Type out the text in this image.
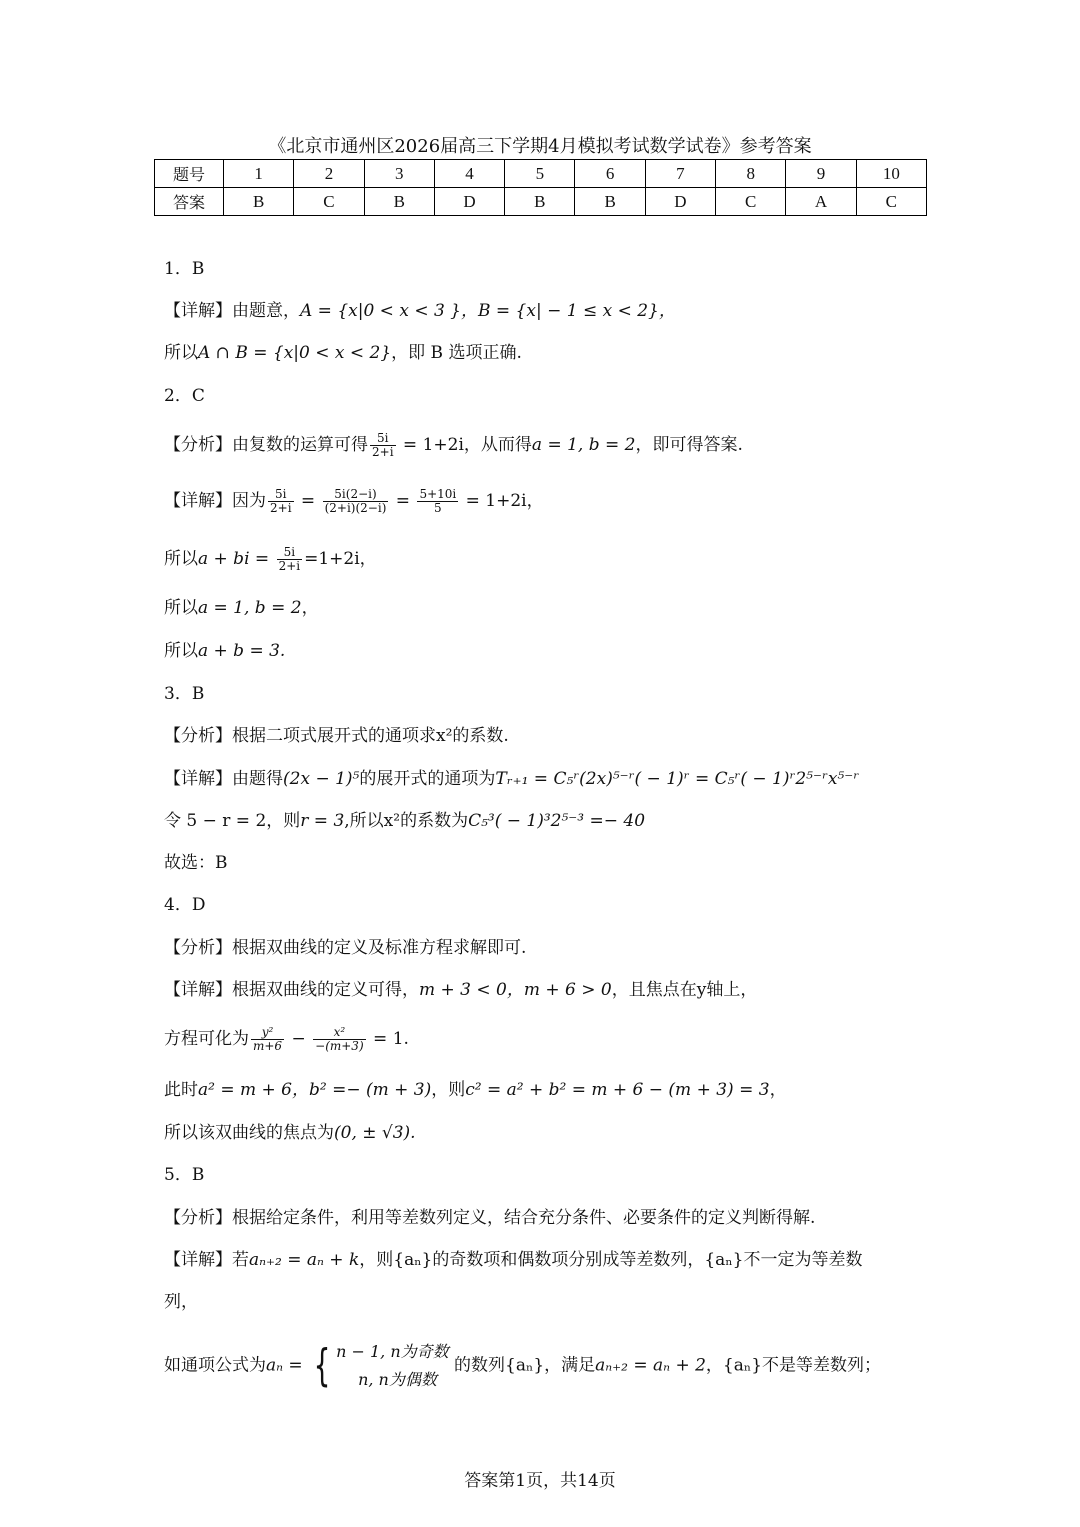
《北京市通州区2026届高三下学期4月模拟考试数学试卷》参考答案
题号	1	2	3	4	5	6	7	8	9	10
答案	B	C	B	D	B	B	D	C	A	C
1．B
【详解】由题意，A = {x|0 < x < 3 }，B = {x| − 1 ≤ x < 2}，
所以A ∩ B = {x|0 < x < 2}，即 B 选项正确.
2．C
【分析】由复数的运算可得 $\frac{5i}{2+i} = 1+2i$，从而得a = 1, b = 2，即可得答案.
【详解】因为 $\frac{5i}{2+i} = \frac{5i(2-i)}{(2+i)(2-i)} = \frac{5+10i}{5} = 1+2i$，
所以a + bi = $\frac{5i}{2+i} =1+2i$，
所以a = 1, b = 2，
所以a + b = 3.
3．B
【分析】根据二项式展开式的通项求x²的系数.
【详解】由题得(2x − 1)⁵的展开式的通项为Tᵣ₊₁ = C₅ʳ(2x)⁵⁻ʳ( − 1)ʳ = C₅ʳ( − 1)ʳ2⁵⁻ʳx⁵⁻ʳ
令 5 − r = 2，则r = 3,所以x²的系数为C₅³( − 1)³2⁵⁻³ =− 40
故选：B
4．D
【分析】根据双曲线的定义及标准方程求解即可.
【详解】根据双曲线的定义可得，m + 3 < 0，m + 6 > 0，且焦点在y轴上，
方程可化为 $\frac{\text{y²}}{m+6} - \frac{\text{x²}}{-(m+3)} = 1$.
此时a² = m + 6，b² =− (m + 3)，则c² = a² + b² = m + 6 − (m + 3) = 3，
所以该双曲线的焦点为(0, ± √3).
5．B
【分析】根据给定条件，利用等差数列定义，结合充分条件、必要条件的定义判断得解.
【详解】若aₙ₊₂ = aₙ + k，则{aₙ}的奇数项和偶数项分别成等差数列，{aₙ}不一定为等差数
列，
如通项公式为aₙ = { n − 1, n为奇数
n, n为偶数
的数列{aₙ}，满足aₙ₊₂ = aₙ + 2，{aₙ}不是等差数列；
答案第1页，共14页
